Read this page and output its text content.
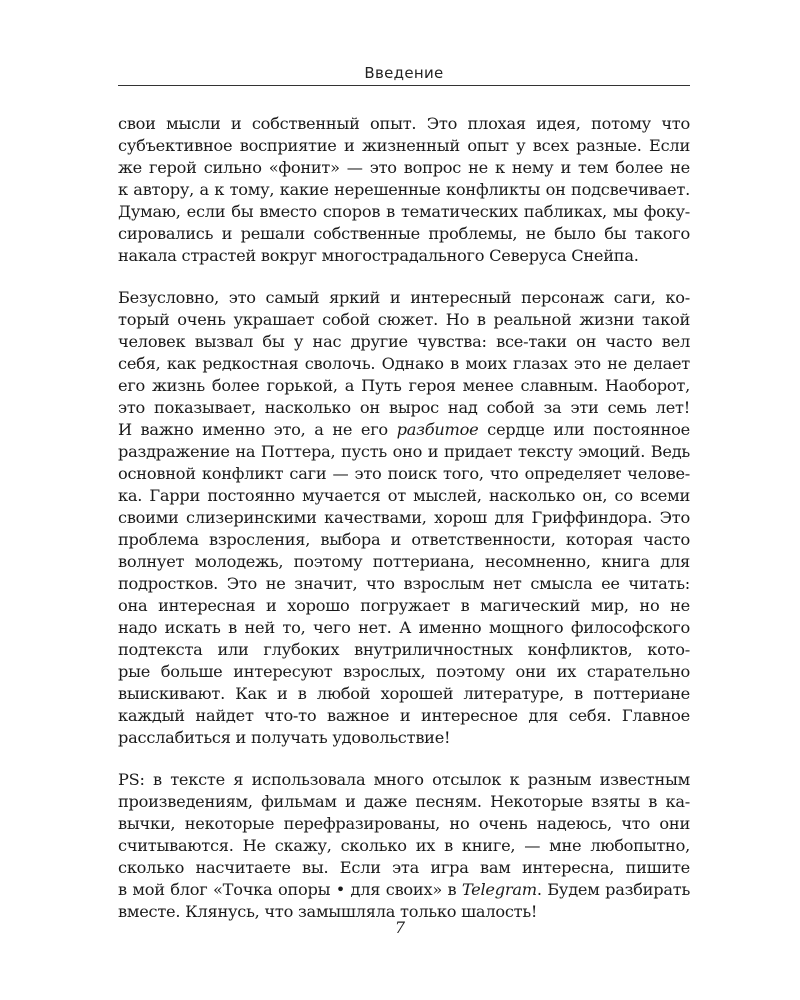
Введение

свои мысли и собственный опыт. Это плохая идея, потому что
субъективное восприятие и жизненный опыт у всех разные. Если
же герой сильно «фонит» — это вопрос не к нему и тем более не
к автору, а к тому, какие нерешенные конфликты он подсвечивает.
Думаю, если бы вместо споров в тематических пабликах, мы фоку-
сировались и решали собственные проблемы, не было бы такого
накала страстей вокруг многострадального Северуса Снейпа.

Безусловно, это самый яркий и интересный персонаж саги, ко-
торый очень украшает собой сюжет. Но в реальной жизни такой
человек вызвал бы у нас другие чувства: все-таки он часто вел
себя, как редкостная сволочь. Однако в моих глазах это не делает
его жизнь более горькой, а Путь героя менее славным. Наоборот,
это показывает, насколько он вырос над собой за эти семь лет!
И важно именно это, а не его разбитое сердце или постоянное
раздражение на Поттера, пусть оно и придает тексту эмоций. Ведь
основной конфликт саги — это поиск того, что определяет челове-
ка. Гарри постоянно мучается от мыслей, насколько он, со всеми
своими слизеринскими качествами, хорош для Гриффиндора. Это
проблема взросления, выбора и ответственности, которая часто
волнует молодежь, поэтому поттериана, несомненно, книга для
подростков. Это не значит, что взрослым нет смысла ее читать:
она интересная и хорошо погружает в магический мир, но не
надо искать в ней то, чего нет. А именно мощного философского
подтекста или глубоких внутриличностных конфликтов, кото-
рые больше интересуют взрослых, поэтому они их старательно
выискивают. Как и в любой хорошей литературе, в поттериане
каждый найдет что-то важное и интересное для себя. Главное
расслабиться и получать удовольствие!

PS: в тексте я использовала много отсылок к разным известным
произведениям, фильмам и даже песням. Некоторые взяты в ка-
вычки, некоторые перефразированы, но очень надеюсь, что они
считываются. Не скажу, сколько их в книге, — мне любопытно,
сколько насчитаете вы. Если эта игра вам интересна, пишите
в мой блог «Точка опоры • для своих» в Telegram. Будем разбирать
вместе. Клянусь, что замышляла только шалость!

7
